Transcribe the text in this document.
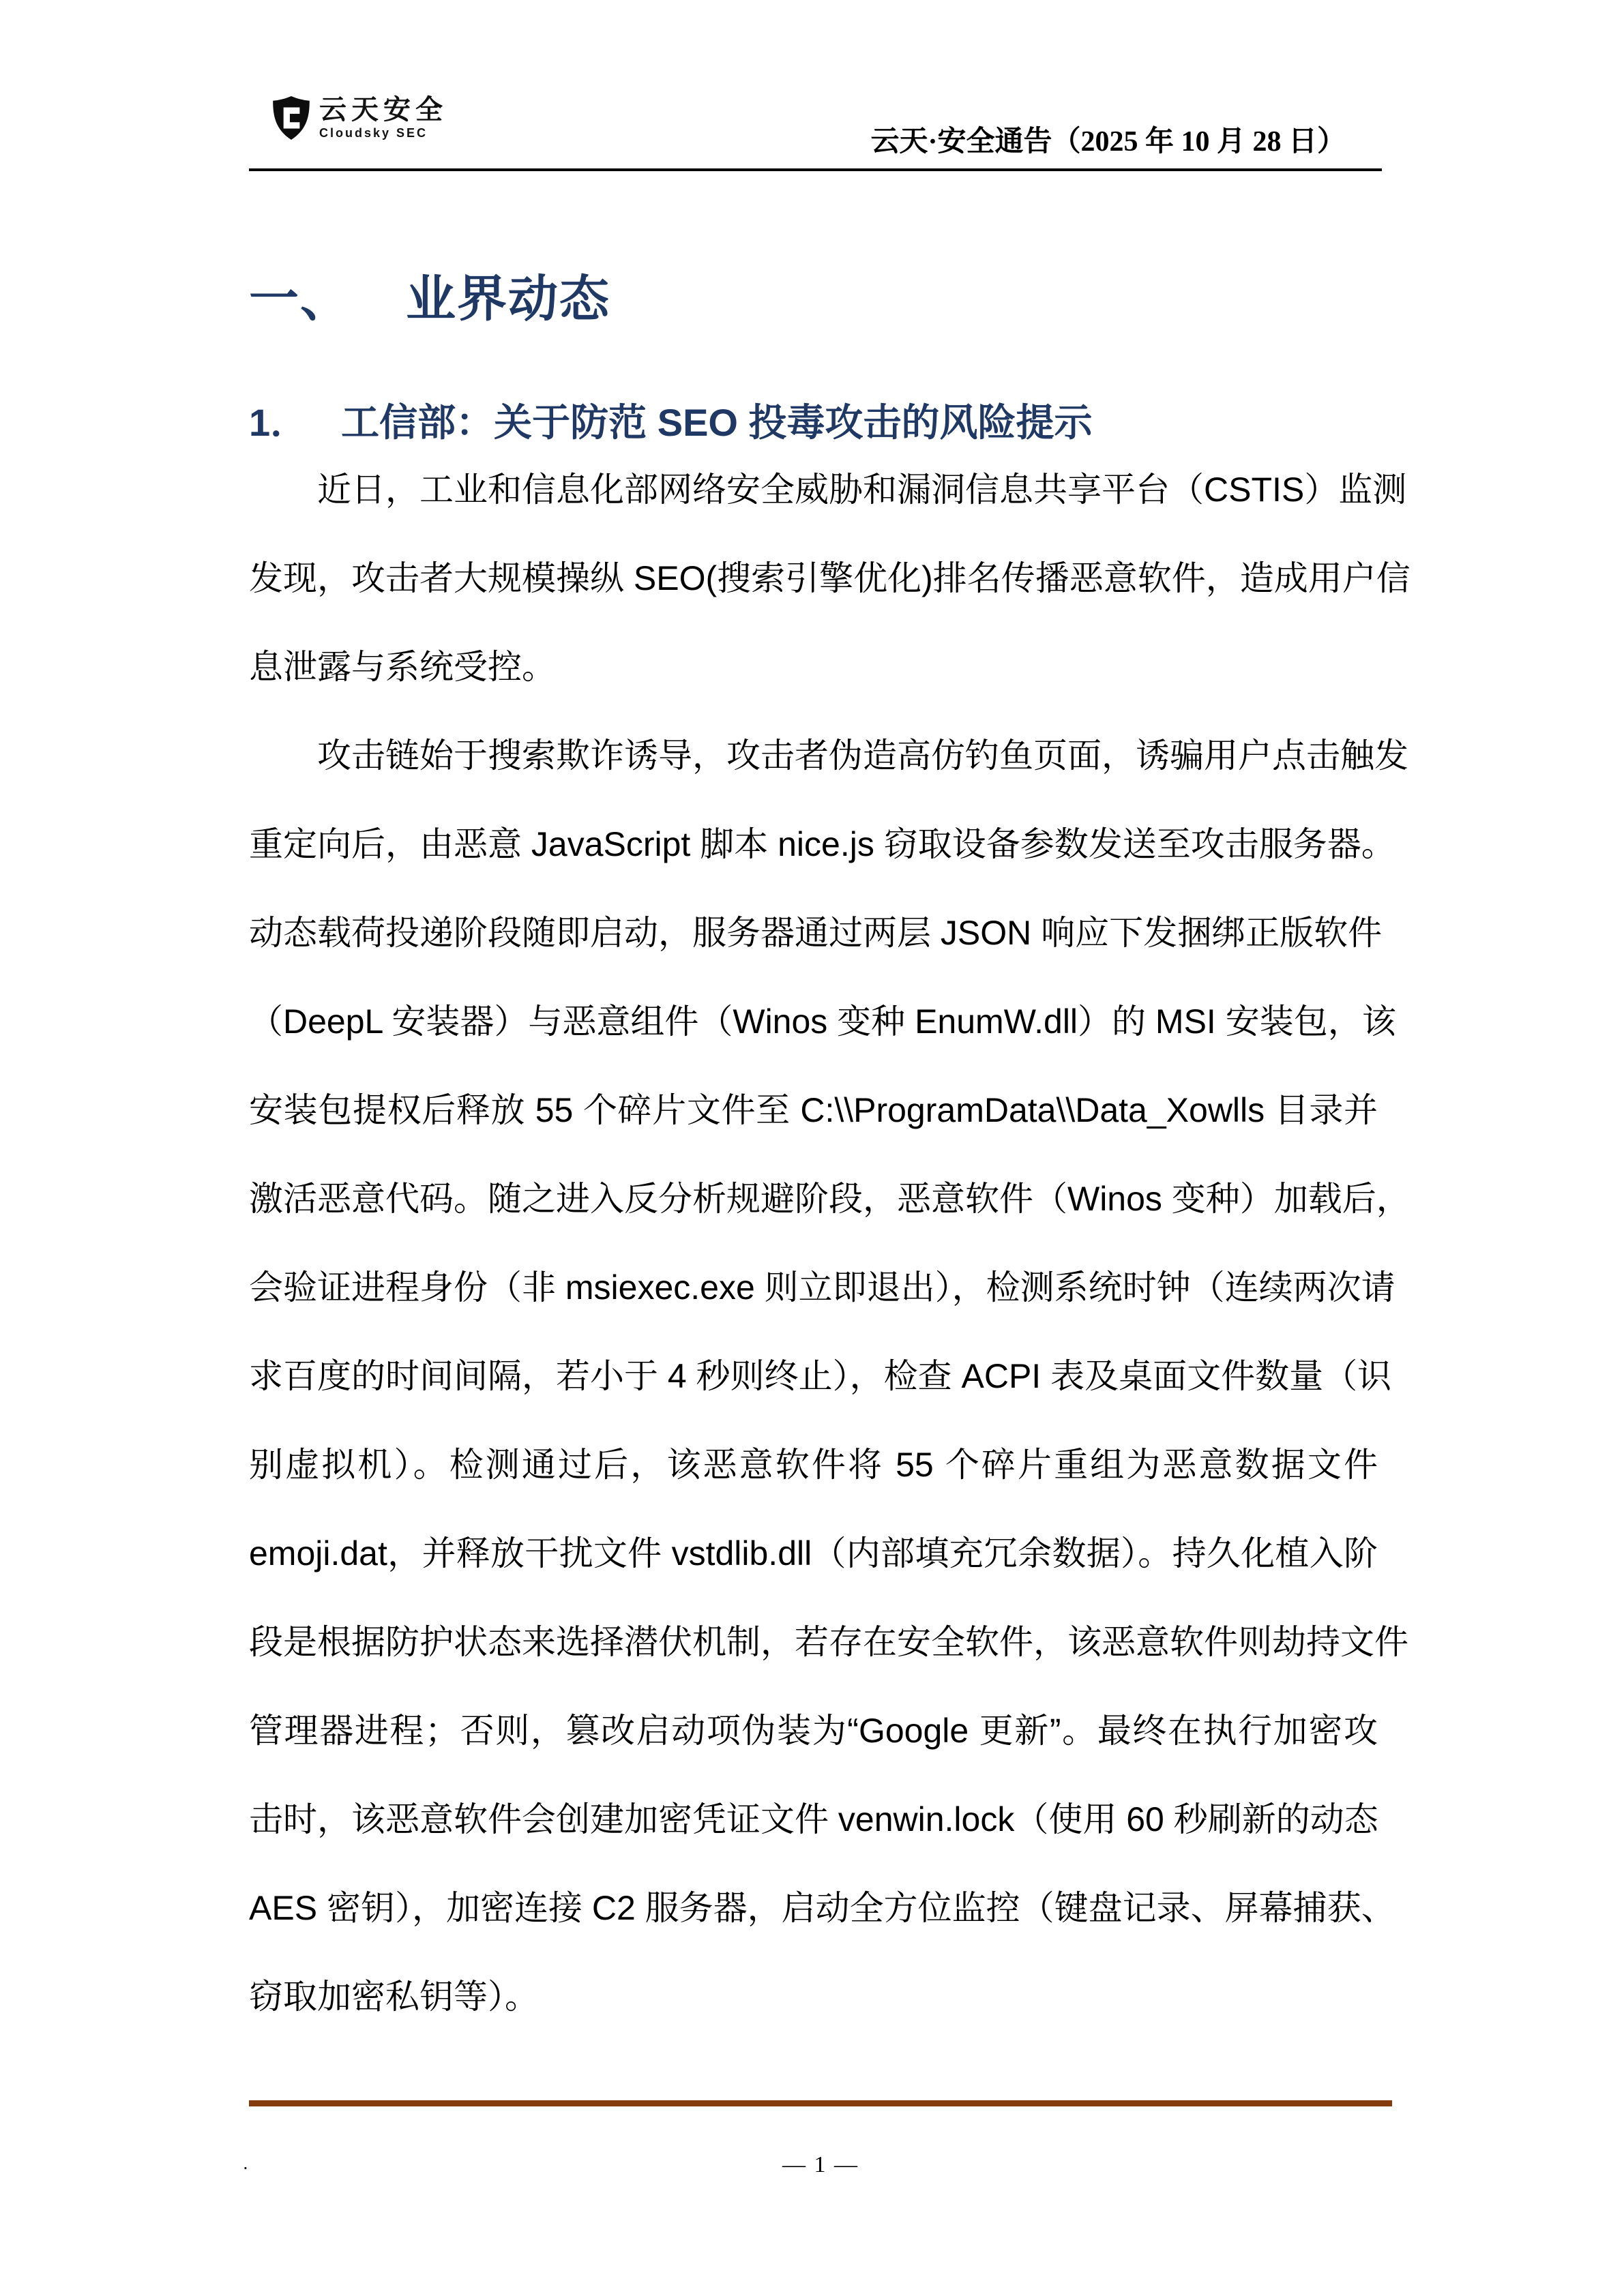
云天安全
Cloudsky SEC	云天·安全通告（2025 年 10 月 28 日）
一、 业界动态
1． 工信部：关于防范 SEO 投毒攻击的风险提示
近日，工业和信息化部网络安全威胁和漏洞信息共享平台（CSTIS）监测
发现，攻击者大规模操纵 SEO(搜索引擎优化)排名传播恶意软件，造成用户信
息泄露与系统受控。
攻击链始于搜索欺诈诱导，攻击者伪造高仿钓鱼页面，诱骗用户点击触发
重定向后，由恶意 JavaScript 脚本 nice.js 窃取设备参数发送至攻击服务器。
动态载荷投递阶段随即启动，服务器通过两层 JSON 响应下发捆绑正版软件
（DeepL 安装器）与恶意组件（Winos 变种 EnumW.dll）的 MSI 安装包，该
安装包提权后释放 55 个碎片文件至 C:\\ProgramData\\Data_Xowlls 目录并
激活恶意代码。随之进入反分析规避阶段，恶意软件（Winos 变种）加载后，
会验证进程身份（非 msiexec.exe 则立即退出），检测系统时钟（连续两次请
求百度的时间间隔，若小于 4 秒则终止），检查 ACPI 表及桌面文件数量（识
别虚拟机）。检测通过后，该恶意软件将 55 个碎片重组为恶意数据文件
emoji.dat，并释放干扰文件 vstdlib.dll（内部填充冗余数据）。持久化植入阶
段是根据防护状态来选择潜伏机制，若存在安全软件，该恶意软件则劫持文件
管理器进程；否则，篡改启动项伪装为“Google 更新”。最终在执行加密攻
击时，该恶意软件会创建加密凭证文件 venwin.lock（使用 60 秒刷新的动态
AES 密钥），加密连接 C2 服务器，启动全方位监控（键盘记录、屏幕捕获、
窃取加密私钥等）。
.	— 1 —
